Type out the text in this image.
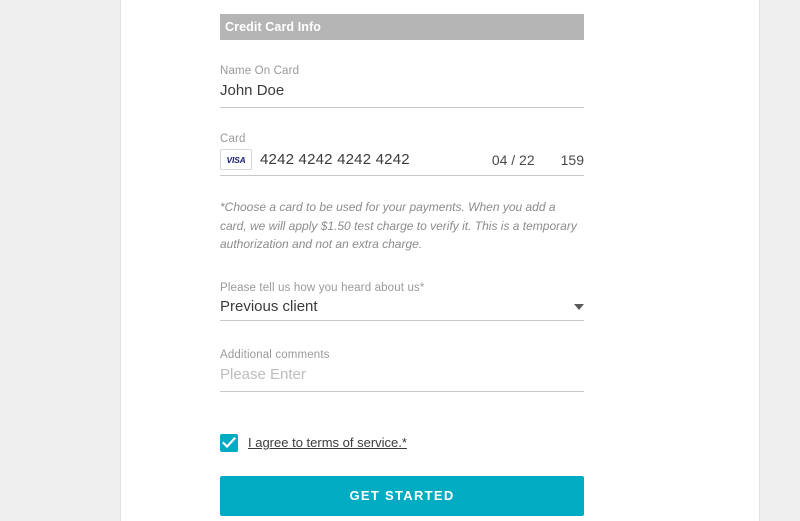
Credit Card Info
Name On Card
John Doe
Card
VISA 4242 4242 4242 4242	04 / 22 159
*Choose a card to be used for your payments. When you add a card, we will apply $1.50 test charge to verify it. This is a temporary authorization and not an extra charge.
Please tell us how you heard about us*
Previous client
Additional comments
Please Enter
I agree to terms of service.*
GET STARTED
